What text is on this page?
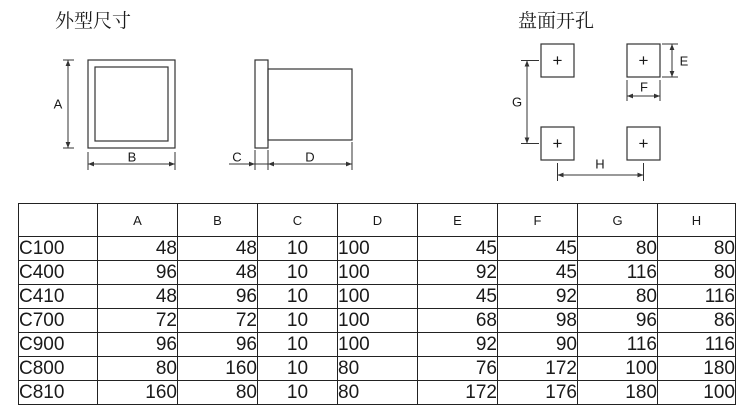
外型尺寸	盘面开孔
A
B	C	D
+	+
+	+
E
F
G
H
	A	B	C	D	E	F	G	H
C100	48	48	10	100	45	45	80	80
C400	96	48	10	100	92	45	116	80
C410	48	96	10	100	45	92	80	116
C700	72	72	10	100	68	98	96	86
C900	96	96	10	100	92	90	116	116
C800	80	160	10	80	76	172	100	180
C810	160	80	10	80	172	176	180	100
